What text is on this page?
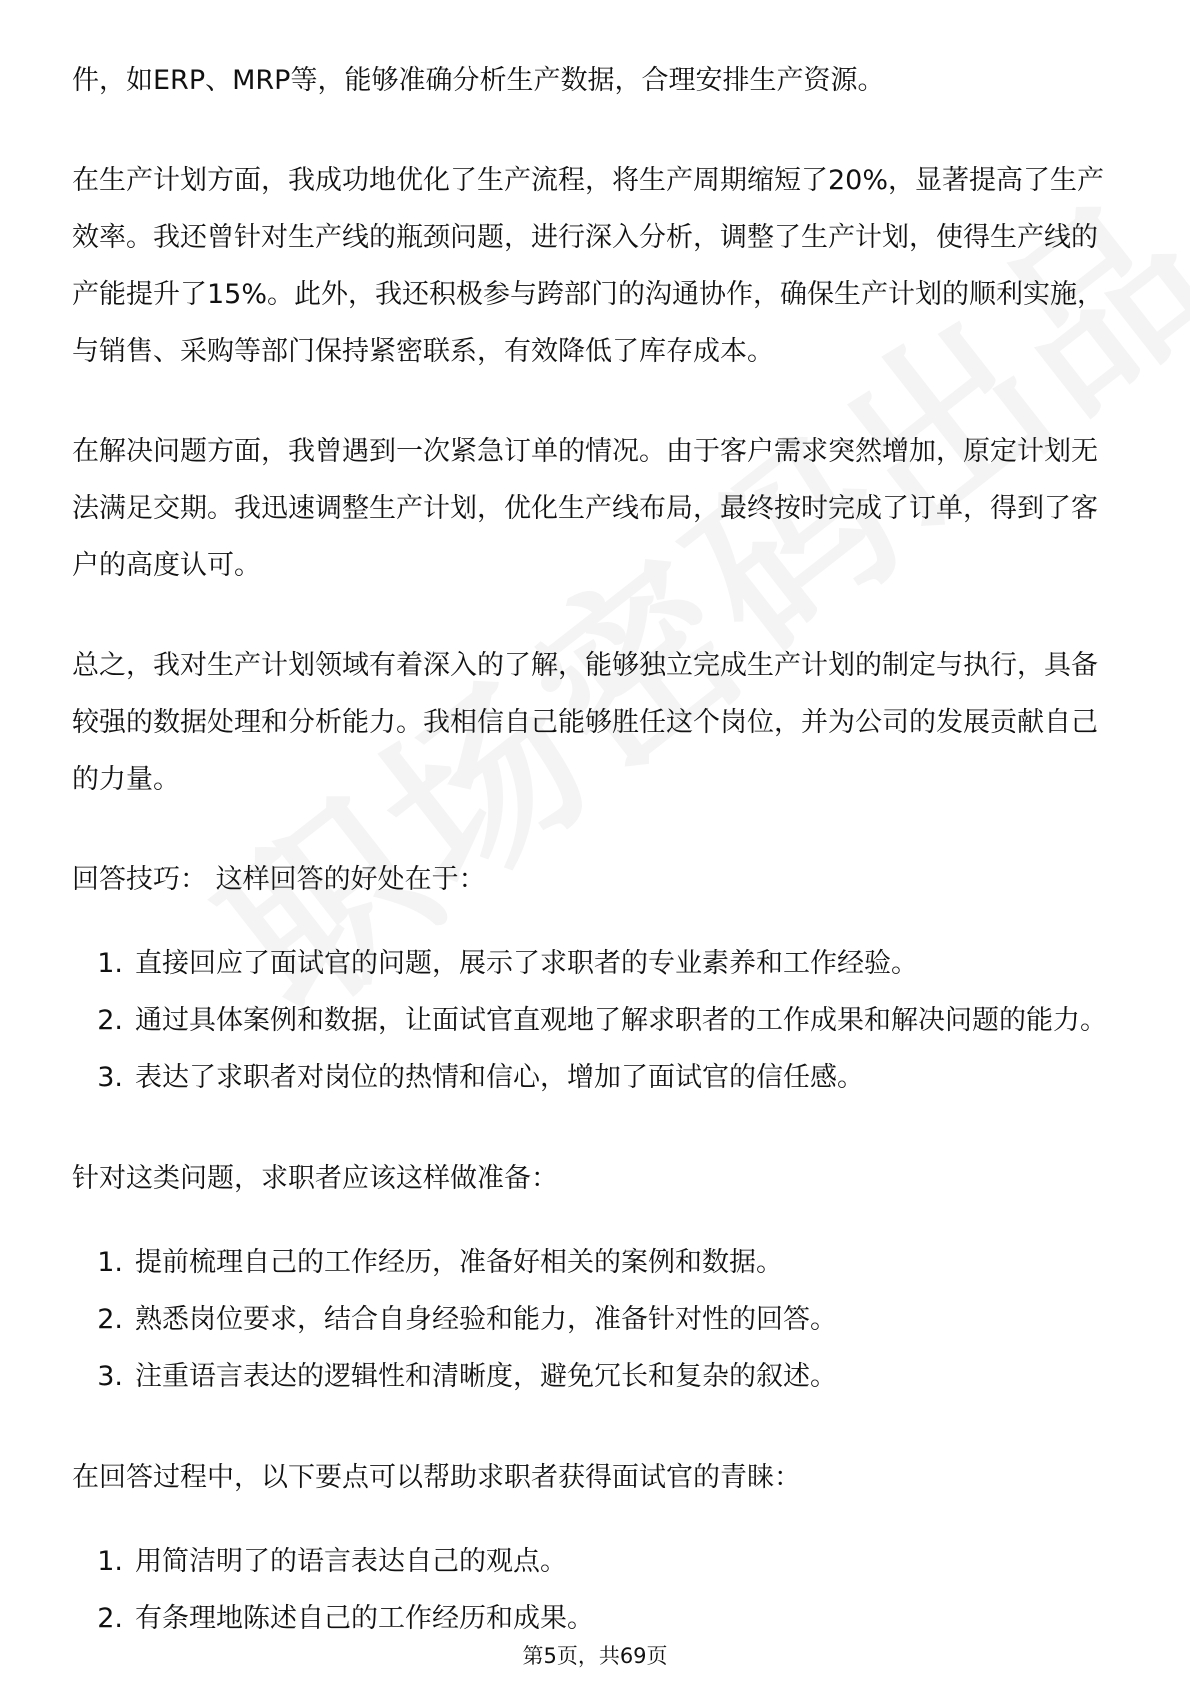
件，如ERP、MRP等，能够准确分析生产数据，合理安排生产资源。

在生产计划方面，我成功地优化了生产流程，将生产周期缩短了20%，显著提高了生产效率。我还曾针对生产线的瓶颈问题，进行深入分析，调整了生产计划，使得生产线的产能提升了15%。此外，我还积极参与跨部门的沟通协作，确保生产计划的顺利实施，与销售、采购等部门保持紧密联系，有效降低了库存成本。

在解决问题方面，我曾遇到一次紧急订单的情况。由于客户需求突然增加，原定计划无法满足交期。我迅速调整生产计划，优化生产线布局，最终按时完成了订单，得到了客户的高度认可。

总之，我对生产计划领域有着深入的了解，能够独立完成生产计划的制定与执行，具备较强的数据处理和分析能力。我相信自己能够胜任这个岗位，并为公司的发展贡献自己的力量。

回答技巧： 这样回答的好处在于：

1. 直接回应了面试官的问题，展示了求职者的专业素养和工作经验。
2. 通过具体案例和数据，让面试官直观地了解求职者的工作成果和解决问题的能力。
3. 表达了求职者对岗位的热情和信心，增加了面试官的信任感。

针对这类问题，求职者应该这样做准备：

1. 提前梳理自己的工作经历，准备好相关的案例和数据。
2. 熟悉岗位要求，结合自身经验和能力，准备针对性的回答。
3. 注重语言表达的逻辑性和清晰度，避免冗长和复杂的叙述。

在回答过程中，以下要点可以帮助求职者获得面试官的青睐：

1. 用简洁明了的语言表达自己的观点。
2. 有条理地陈述自己的工作经历和成果。
第5页，共69页
